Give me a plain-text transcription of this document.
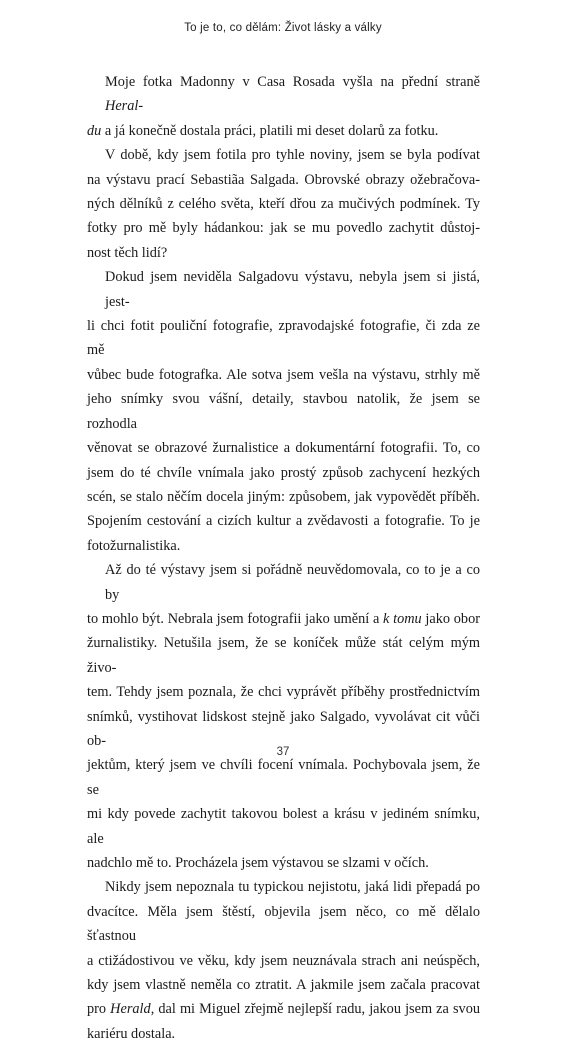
To je to, co dělám: Život lásky a války
Moje fotka Madonny v Casa Rosada vyšla na přední straně Heral-
du a já konečně dostala práci, platili mi deset dolarů za fotku.
V době, kdy jsem fotila pro tyhle noviny, jsem se byla podívat
na výstavu prací Sebastiãa Salgada. Obrovské obrazy ožebračova-
ných dělníků z celého světa, kteří dřou za mučivých podmínek. Ty
fotky pro mě byly hádankou: jak se mu povedlo zachytit důstoj-
nost těch lidí?
Dokud jsem neviděla Salgadovu výstavu, nebyla jsem si jistá, jest-
li chci fotit pouliční fotografie, zpravodajské fotografie, či zda ze mě
vůbec bude fotografka. Ale sotva jsem vešla na výstavu, strhly mě
jeho snímky svou vášní, detaily, stavbou natolik, že jsem se rozhodla
věnovat se obrazové žurnalistice a dokumentární fotografii. To, co
jsem do té chvíle vnímala jako prostý způsob zachycení hezkých
scén, se stalo něčím docela jiným: způsobem, jak vypovědět příběh.
Spojením cestování a cizích kultur a zvědavosti a fotografie. To je
fotožurnalistika.
Až do té výstavy jsem si pořádně neuvědomovala, co to je a co by
to mohlo být. Nebrala jsem fotografii jako umění a k tomu jako obor
žurnalistiky. Netušila jsem, že se koníček může stát celým mým živo-
tem. Tehdy jsem poznala, že chci vyprávět příběhy prostřednictvím
snímků, vystihovat lidskost stejně jako Salgado, vyvolávat cit vůči ob-
jektům, který jsem ve chvíli focení vnímala. Pochybovala jsem, že se
mi kdy povede zachytit takovou bolest a krásu v jediném snímku, ale
nadchlo mě to. Procházela jsem výstavou se slzami v očích.
Nikdy jsem nepoznala tu typickou nejistotu, jaká lidi přepadá po
dvacítce. Měla jsem štěstí, objevila jsem něco, co mě dělalo šťastnou
a ctižádostivou ve věku, kdy jsem neuznávala strach ani neúspěch,
kdy jsem vlastně neměla co ztratit. A jakmile jsem začala pracovat
pro Herald, dal mi Miguel zřejmě nejlepší radu, jakou jsem za svou
kariéru dostala.
37
